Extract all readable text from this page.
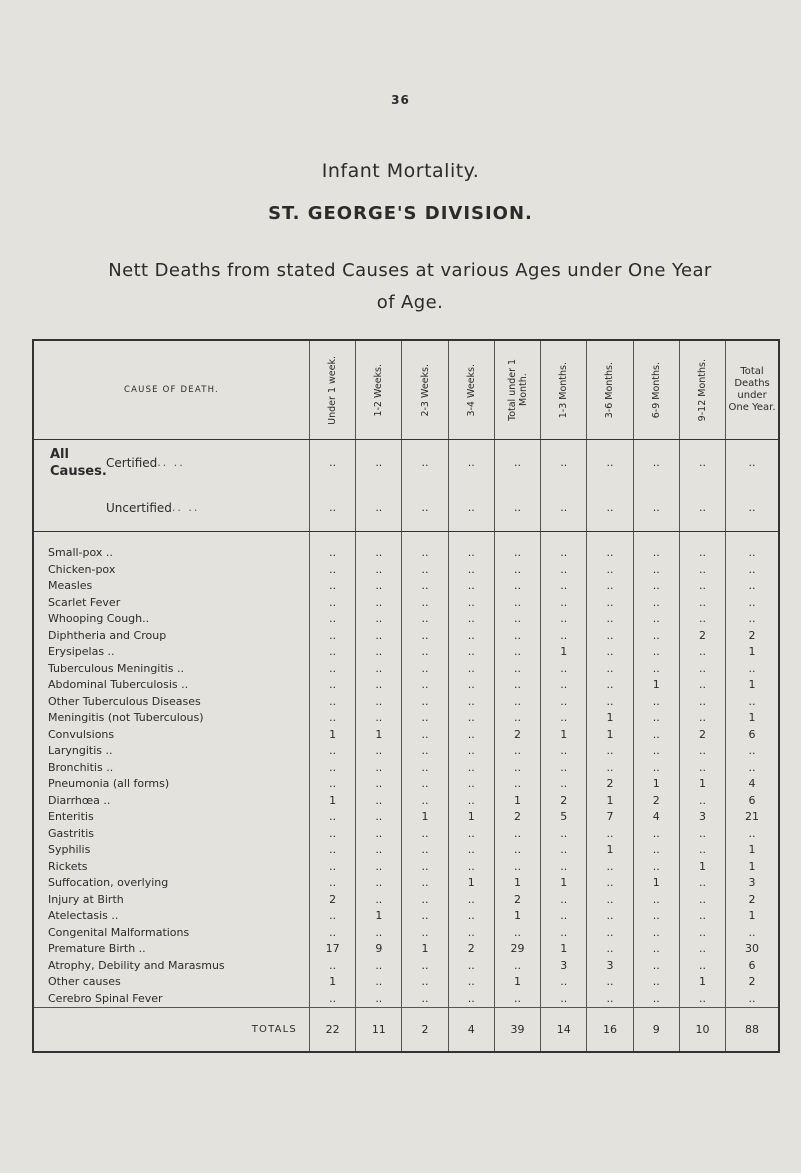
36
Infant Mortality.
ST. GEORGE'S DIVISION.
Nett Deaths from stated Causes at various Ages under One Year of Age.
CAUSE OF DEATH.	Under 1 week.	1-2 Weeks.	2-3 Weeks.	3-4 Weeks.	Total under 1 Month.	1-3 Months.	3-6 Months.	6-9 Months.	9-12 Months.	Total Deaths under One Year.

All Causes.
Certified .. ..	..	..	..	..	..	..	..	..	..	..

Uncertified .. ..	..	..	..	..	..	..	..	..	..	..

Small-pox ..	..	..	..	..	..	..	..	..	..	..
Chicken-pox	..	..	..	..	..	..	..	..	..	..
Measles	..	..	..	..	..	..	..	..	..	..
Scarlet Fever	..	..	..	..	..	..	..	..	..	..
Whooping Cough..	..	..	..	..	..	..	..	..	..	..
Diphtheria and Croup	..	..	..	..	..	..	..	..	2	2
Erysipelas ..	..	..	..	..	..	1	..	..	..	1
Tuberculous Meningitis ..	..	..	..	..	..	..	..	..	..	..
Abdominal Tuberculosis ..	..	..	..	..	..	..	..	1	..	1
Other Tuberculous Diseases	..	..	..	..	..	..	..	..	..	..
Meningitis (not Tuberculous)	..	..	..	..	..	..	1	..	..	1
Convulsions	1	1	..	..	2	1	1	..	2	6
Laryngitis ..	..	..	..	..	..	..	..	..	..	..
Bronchitis ..	..	..	..	..	..	..	..	..	..	..
Pneumonia (all forms)	..	..	..	..	..	..	2	1	1	4
Diarrhœa ..	1	..	..	..	1	2	1	2	..	6
Enteritis	..	..	1	1	2	5	7	4	3	21
Gastritis	..	..	..	..	..	..	..	..	..	..
Syphilis	..	..	..	..	..	..	1	..	..	1
Rickets	..	..	..	..	..	..	..	..	1	1
Suffocation, overlying	..	..	..	1	1	1	..	1	..	3
Injury at Birth	2	..	..	..	2	..	..	..	..	2
Atelectasis ..	..	1	..	..	1	..	..	..	..	1
Congenital Malformations	..	..	..	..	..	..	..	..	..	..
Premature Birth ..	17	9	1	2	29	1	..	..	..	30
Atrophy, Debility and Marasmus	..	..	..	..	..	3	3	..	..	6
Other causes	1	..	..	..	1	..	..	..	1	2
Cerebro Spinal Fever	..	..	..	..	..	..	..	..	..	..
TOTALS	22	11	2	4	39	14	16	9	10	88
